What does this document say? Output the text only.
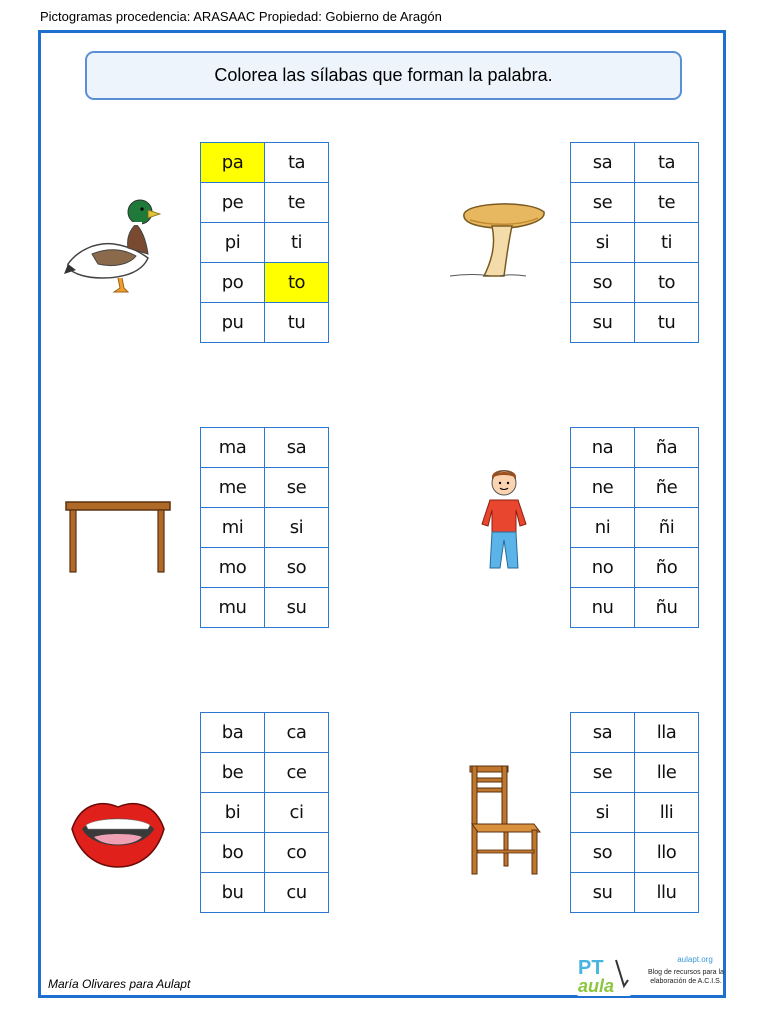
Pictogramas procedencia: ARASAAC Propiedad: Gobierno de Aragón
Colorea las sílabas que forman la palabra.
pa	ta
pe	te
pi	ti
po	to
pu	tu
sa	ta
se	te
si	ti
so	to
su	tu
ma	sa
me	se
mi	si
mo	so
mu	su
na	ña
ne	ñe
ni	ñi
no	ño
nu	ñu
ba	ca
be	ce
bi	ci
bo	co
bu	cu
sa	lla
se	lle
si	lli
so	llo
su	llu
María Olivares para Aulapt
PT
aula
aulapt.org
Blog de recursos para la elaboración de A.C.I.S.
